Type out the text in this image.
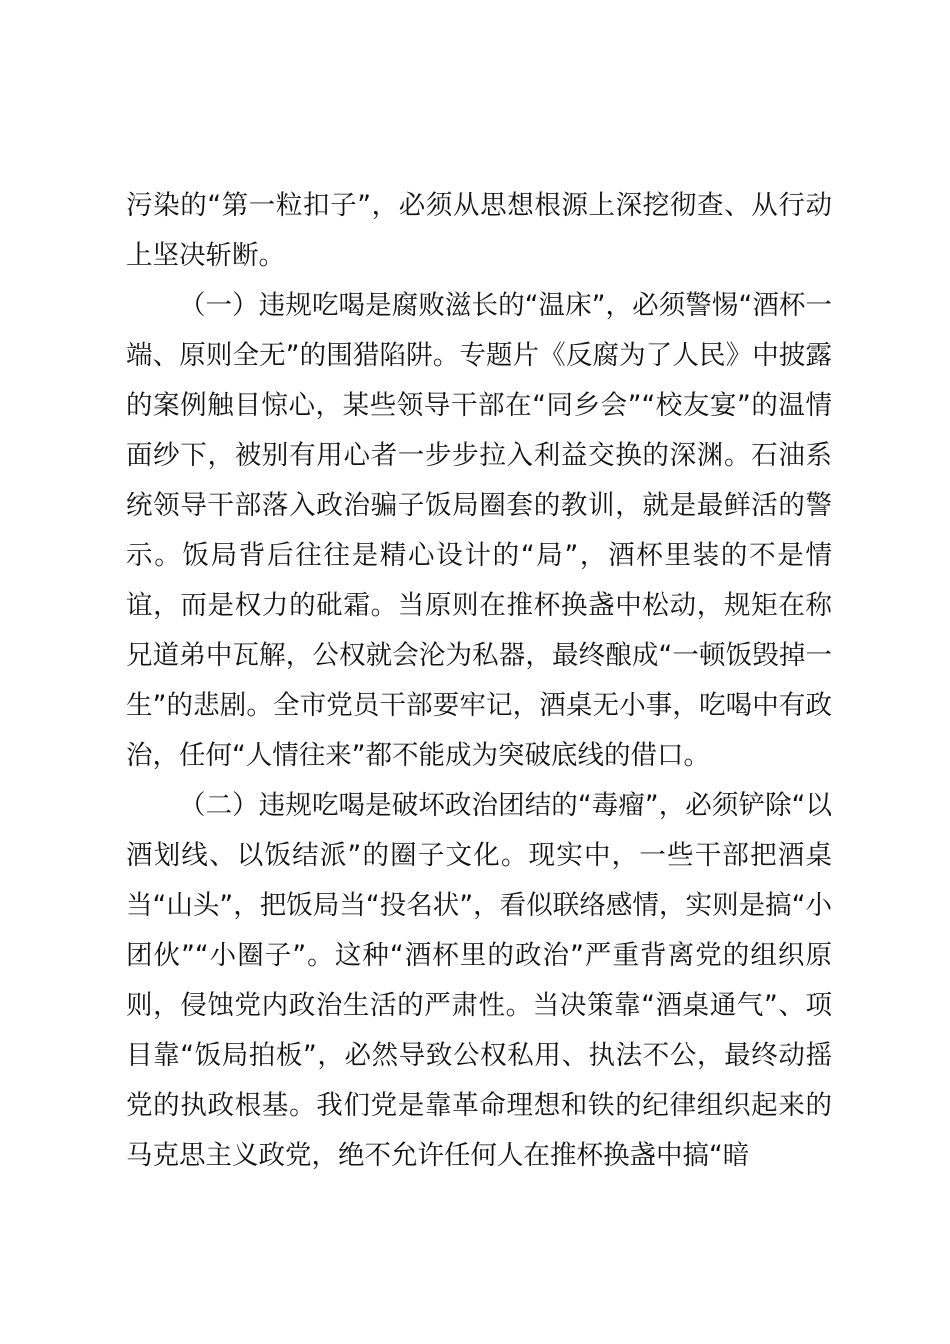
污染的“第一粒扣子”，必须从思想根源上深挖彻查、从行动上坚决斩断。

（一）违规吃喝是腐败滋长的“温床”，必须警惕“酒杯一端、原则全无”的围猎陷阱。专题片《反腐为了人民》中披露的案例触目惊心，某些领导干部在“同乡会”“校友宴”的温情面纱下，被别有用心者一步步拉入利益交换的深渊。石油系统领导干部落入政治骗子饭局圈套的教训，就是最鲜活的警示。饭局背后往往是精心设计的“局”，酒杯里装的不是情谊，而是权力的砒霜。当原则在推杯换盏中松动，规矩在称兄道弟中瓦解，公权就会沦为私器，最终酿成“一顿饭毁掉一生”的悲剧。全市党员干部要牢记，酒桌无小事，吃喝中有政治，任何“人情往来”都不能成为突破底线的借口。

（二）违规吃喝是破坏政治团结的“毒瘤”，必须铲除“以酒划线、以饭结派”的圈子文化。现实中，一些干部把酒桌当“山头”，把饭局当“投名状”，看似联络感情，实则是搞“小团伙”“小圈子”。这种“酒杯里的政治”严重背离党的组织原则，侵蚀党内政治生活的严肃性。当决策靠“酒桌通气”、项目靠“饭局拍板”，必然导致公权私用、执法不公，最终动摇党的执政根基。我们党是靠革命理想和铁的纪律组织起来的马克思主义政党，绝不允许任何人在推杯换盏中搞“暗
